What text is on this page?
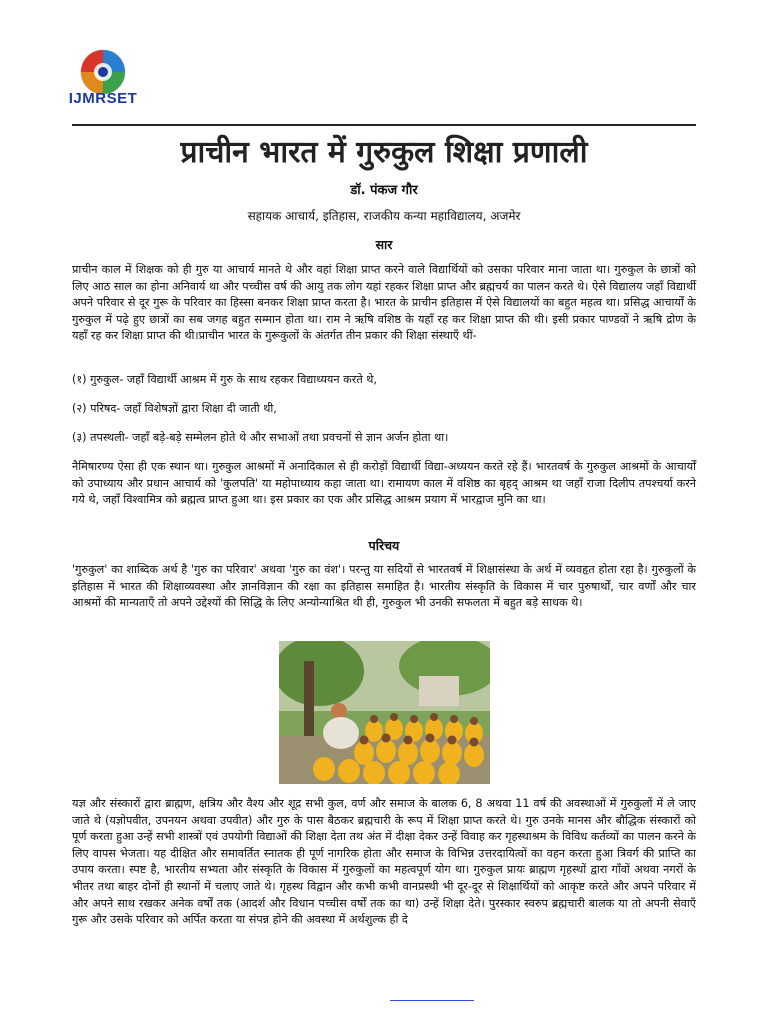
IJMRSET
प्राचीन भारत में गुरुकुल शिक्षा प्रणाली
डॉ. पंकज गौर
सहायक आचार्य, इतिहास, राजकीय कन्या महाविद्यालय, अजमेर
सार
प्राचीन काल में शिक्षक को ही गुरु या आचार्य मानते थे और वहां शिक्षा प्राप्त करने वाले विद्यार्थियों को उसका परिवार माना जाता था। गुरुकुल के छात्रों को लिए आठ साल का होना अनिवार्य था और पच्चीस वर्ष की आयु तक लोग यहां रहकर शिक्षा प्राप्त और ब्रह्मचर्य का पालन करते थे। ऐसे विद्यालय जहाँ विद्यार्थी अपने परिवार से दूर गुरू के परिवार का हिस्सा बनकर शिक्षा प्राप्त करता है। भारत के प्राचीन इतिहास में ऐसे विद्यालयों का बहुत महत्व था। प्रसिद्ध आचार्यों के गुरुकुल में पढ़े हुए छात्रों का सब जगह बहुत सम्मान होता था। राम ने ऋषि वशिष्ठ के यहाँ रह कर शिक्षा प्राप्त की थी। इसी प्रकार पाण्डवों ने ऋषि द्रोण के यहाँ रह कर शिक्षा प्राप्त की थी।प्राचीन भारत के गुरूकुलों के अंतर्गत तीन प्रकार की शिक्षा संस्थाएँ थीं-
(१) गुरुकुल- जहाँ विद्यार्थी आश्रम में गुरु के साथ रहकर विद्याध्ययन करते थे,
(२) परिषद- जहाँ विशेषज्ञों द्वारा शिक्षा दी जाती थी,
(३) तपस्थली- जहाँ बड़े-बड़े सम्मेलन होते थे और सभाओं तथा प्रवचनों से ज्ञान अर्जन होता था।
नैमिषारण्य ऐसा ही एक स्थान था। गुरुकुल आश्रमों में अनादिकाल से ही करोड़ों विद्यार्थी विद्या-अध्ययन करते रहे हैं। भारतवर्ष के गुरुकुल आश्रमों के आचार्यों को उपाध्याय और प्रधान आचार्य को 'कुलपति' या महोपाध्याय कहा जाता था। रामायण काल में वशिष्ठ का बृहद् आश्रम था जहाँ राजा दिलीप तपश्चर्या करने गये थे, जहाँ विश्वामित्र को ब्रह्मत्व प्राप्त हुआ था। इस प्रकार का एक और प्रसिद्ध आश्रम प्रयाग में भारद्वाज मुनि का था।
परिचय
'गुरुकुल' का शाब्दिक अर्थ है 'गुरु का परिवार' अथवा 'गुरु का वंश'। परन्तु या सदियों से भारतवर्ष में शिक्षासंस्था के अर्थ में व्यवहृत होता रहा है। गुरुकुलों के इतिहास में भारत की शिक्षाव्यवस्था और ज्ञानविज्ञान की रक्षा का इतिहास समाहित है। भारतीय संस्कृति के विकास में चार पुरुषार्थों, चार वर्णों और चार आश्रमों की मान्यताएँ तो अपने उद्देश्यों की सिद्धि के लिए अन्योन्याश्रित थी ही, गुरुकुल भी उनकी सफलता में बहुत बड़े साधक थे।
यज्ञ और संस्कारों द्वारा ब्राह्मण, क्षत्रिय और वैश्य और शूद्र सभी कुल, वर्ण और समाज के बालक 6, 8 अथवा 11 वर्ष की अवस्थाओं में गुरुकुलों में ले जाए जाते थे (यज्ञोपवीत, उपनयन अथवा उपवीत) और गुरु के पास बैठकर ब्रह्मचारी के रूप में शिक्षा प्राप्त करते थे। गुरु उनके मानस और बौद्धिक संस्कारों को पूर्ण करता हुआ उन्हें सभी शास्त्रों एवं उपयोगी विद्याओं की शिक्षा देता तथ अंत में दीक्षा देकर उन्हें विवाह कर गृहस्थाश्रम के विविध कर्तव्यों का पालन करने के लिए वापस भेजता। यह दीक्षित और समावर्तित स्नातक ही पूर्ण नागरिक होता और समाज के विभिन्न उत्तरदायित्वों का वहन करता हुआ त्रिवर्ग की प्राप्ति का उपाय करता। स्पष्ट है, भारतीय सभ्यता और संस्कृति के विकास में गुरुकुलों का महत्वपूर्ण योग था। गुरुकुल प्रायः ब्राह्मण गृहस्थों द्वारा गाँवों अथवा नगरों के भीतर तथा बाहर दोनों ही स्थानों में चलाए जाते थे। गृहस्थ विद्वान और कभी कभी वानप्रस्थी भी दूर-दूर से शिक्षार्थियों को आकृष्ट करते और अपने परिवार में और अपने साथ रखकर अनेक वर्षों तक (आदर्श और विधान पच्चीस वर्षों तक का था) उन्हें शिक्षा देते। पुरस्कार स्वरुप ब्रह्मचारी बालक या तो अपनी सेवाएँ गुरू और उसके परिवार को अर्पित करता या संपन्न होने की अवस्था में अर्थशुल्क ही दे
